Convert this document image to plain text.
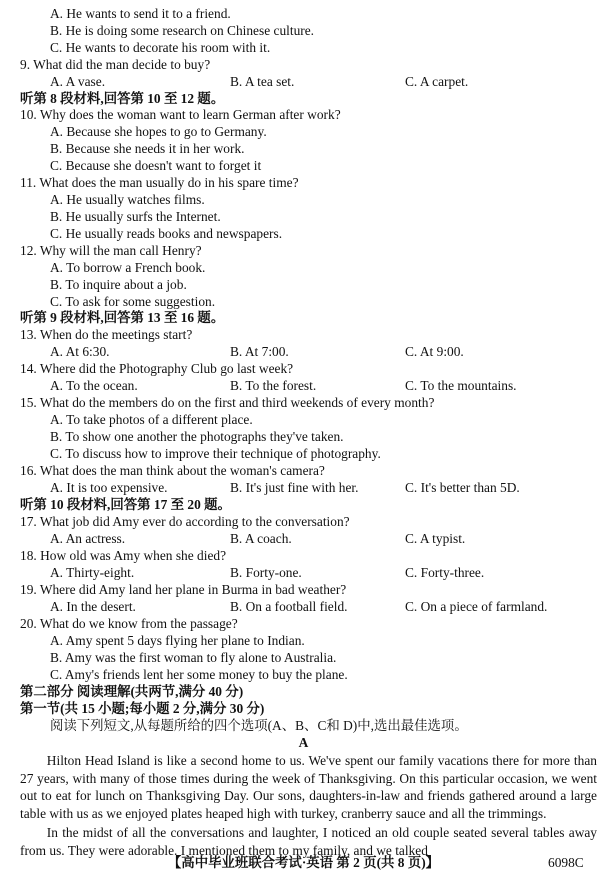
A. He wants to send it to a friend.
B. He is doing some research on Chinese culture.
C. He wants to decorate his room with it.
9. What did the man decide to buy?
A. A vase.	B. A tea set.	C. A carpet.
听第 8 段材料,回答第 10 至 12 题。
10. Why does the woman want to learn German after work?
A. Because she hopes to go to Germany.
B. Because she needs it in her work.
C. Because she doesn't want to forget it
11. What does the man usually do in his spare time?
A. He usually watches films.
B. He usually surfs the Internet.
C. He usually reads books and newspapers.
12. Why will the man call Henry?
A. To borrow a French book.
B. To inquire about a job.
C. To ask for some suggestion.
听第 9 段材料,回答第 13 至 16 题。
13. When do the meetings start?
A. At 6:30.	B. At 7:00.	C. At 9:00.
14. Where did the Photography Club go last week?
A. To the ocean.	B. To the forest.	C. To the mountains.
15. What do the members do on the first and third weekends of every month?
A. To take photos of a different place.
B. To show one another the photographs they've taken.
C. To discuss how to improve their technique of photography.
16. What does the man think about the woman's camera?
A. It is too expensive.	B. It's just fine with her.	C. It's better than 5D.
听第 10 段材料,回答第 17 至 20 题。
17. What job did Amy ever do according to the conversation?
A. An actress.	B. A coach.	C. A typist.
18. How old was Amy when she died?
A. Thirty-eight.	B. Forty-one.	C. Forty-three.
19. Where did Amy land her plane in Burma in bad weather?
A. In the desert.	B. On a football field.	C. On a piece of farmland.
20. What do we know from the passage?
A. Amy spent 5 days flying her plane to Indian.
B. Amy was the first woman to fly alone to Australia.
C. Amy's friends lent her some money to buy the plane.
第二部分 阅读理解(共两节,满分 40 分)
第一节(共 15 小题;每小题 2 分,满分 30 分)
阅读下列短文,从每题所给的四个选项(A、B、C和 D)中,选出最佳选项。
A
Hilton Head Island is like a second home to us. We've spent our family vacations there for more than 27 years, with many of those times during the week of Thanksgiving. On this particular occasion, we went out to eat for lunch on Thanksgiving Day. Our sons, daughters-in-law and friends gathered around a large table with us as we enjoyed plates heaped high with turkey, cranberry sauce and all the trimmings.
In the midst of all the conversations and laughter, I noticed an old couple seated several tables away from us. They were adorable. I mentioned them to my family, and we talked
【高中毕业班联合考试·英语 第 2 页(共 8 页)】	6098C
